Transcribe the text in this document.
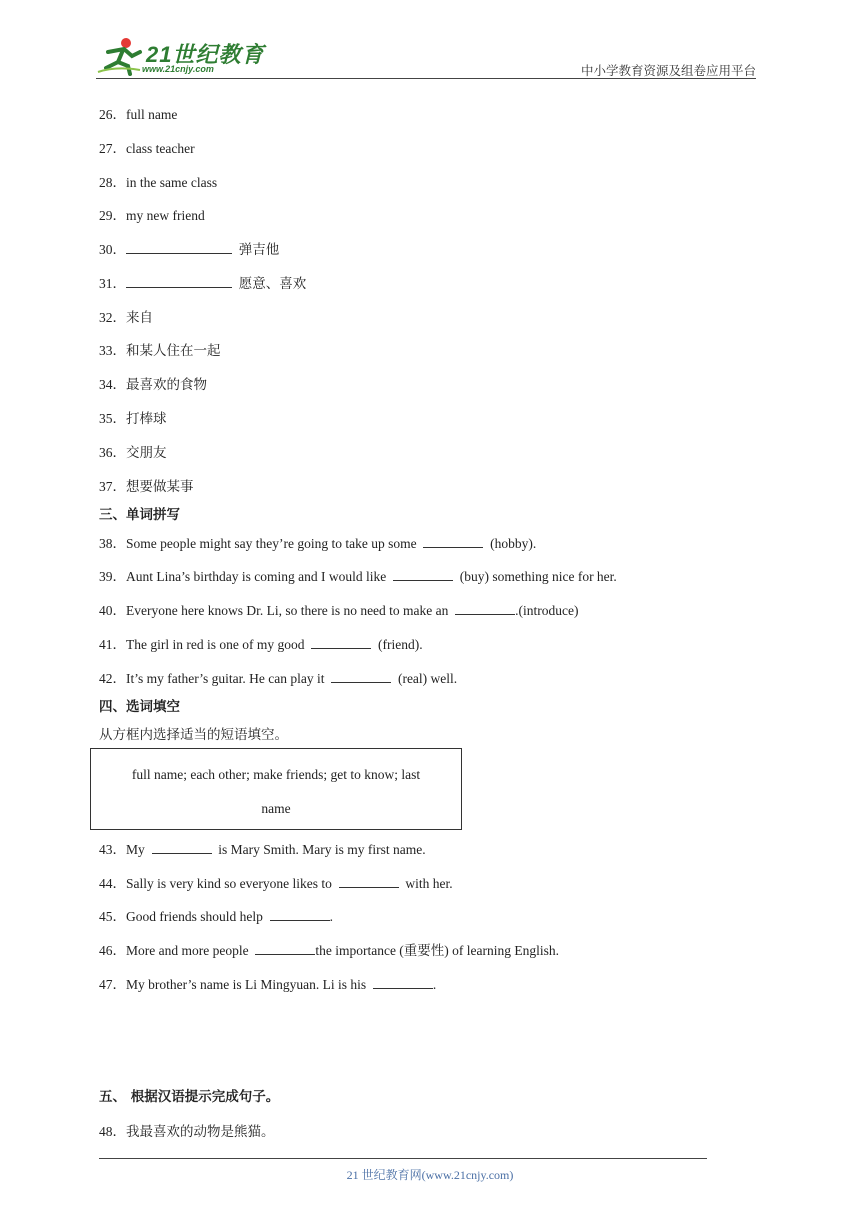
21世纪教育
www.21cnjy.com	中小学教育资源及组卷应用平台
26．full name
27．class teacher
28．in the same class
29．my new friend
30．	弹吉他
31．	愿意、喜欢
32．来自
33．和某人住在一起
34．最喜欢的食物
35．打棒球
36．交朋友
37．想要做某事
三、单词拼写
38．Some people might say they’re going to take up some	(hobby).
39．Aunt Lina’s birthday is coming and I would like	(buy) something nice for her.
40．Everyone here knows Dr. Li, so there is no need to make an	.(introduce)
41．The girl in red is one of my good	(friend).
42．It’s my father’s guitar. He can play it	(real) well.
四、选词填空
从方框内选择适当的短语填空。
full name; each other; make friends; get to know; last
name
43．My	is Mary Smith. Mary is my first name.
44．Sally is very kind so everyone likes to	with her.
45．Good friends should help	.
46．More and more people	the importance (重要性) of learning English.
47．My brother’s name is Li Mingyuan. Li is his	.
五、 根据汉语提示完成句子。
48．我最喜欢的动物是熊猫。
21 世纪教育网(www.21cnjy.com)
